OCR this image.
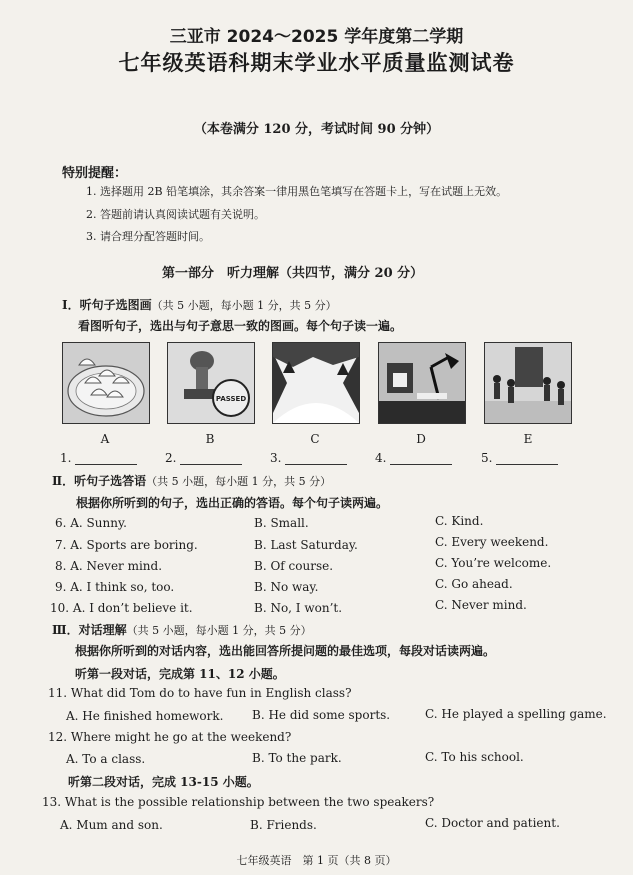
三亚市 2024～2025 学年度第二学期
七年级英语科期末学业水平质量监测试卷
（本卷满分 120 分，考试时间 90 分钟）
特别提醒：
1. 选择题用 2B 铅笔填涂，其余答案一律用黑色笔填写在答题卡上，写在试题上无效。
2. 答题前请认真阅读试题有关说明。
3. 请合理分配答题时间。
第一部分　听力理解（共四节，满分 20 分）
Ⅰ．听句子选图画（共 5 小题，每小题 1 分，共 5 分）
看图听句子，选出与句子意思一致的图画。每个句子读一遍。
PASSED
A	B	C	D	E
1.	2.	3.	4.	5.
Ⅱ．听句子选答语（共 5 小题，每小题 1 分，共 5 分）
根据你所听到的句子，选出正确的答语。每个句子读两遍。
6. A. Sunny.	B. Small.	C. Kind.
7. A. Sports are boring.	B. Last Saturday.	C. Every weekend.
8. A. Never mind.	B. Of course.	C. You’re welcome.
9. A. I think so, too.	B. No way.	C. Go ahead.
10. A. I don’t believe it.	B. No, I won’t.	C. Never mind.
Ⅲ．对话理解（共 5 小题，每小题 1 分，共 5 分）
根据你所听到的对话内容，选出能回答所提问题的最佳选项，每段对话读两遍。
听第一段对话，完成第 11、12 小题。
11. What did Tom do to have fun in English class?
A. He finished homework. B. He did some sports.	C. He played a spelling game.
12. Where might he go at the weekend?
A. To a class.	B. To the park.	C. To his school.
听第二段对话，完成 13-15 小题。
13. What is the possible relationship between the two speakers?
A. Mum and son.	B. Friends.	C. Doctor and patient.
七年级英语　第 1 页（共 8 页）
